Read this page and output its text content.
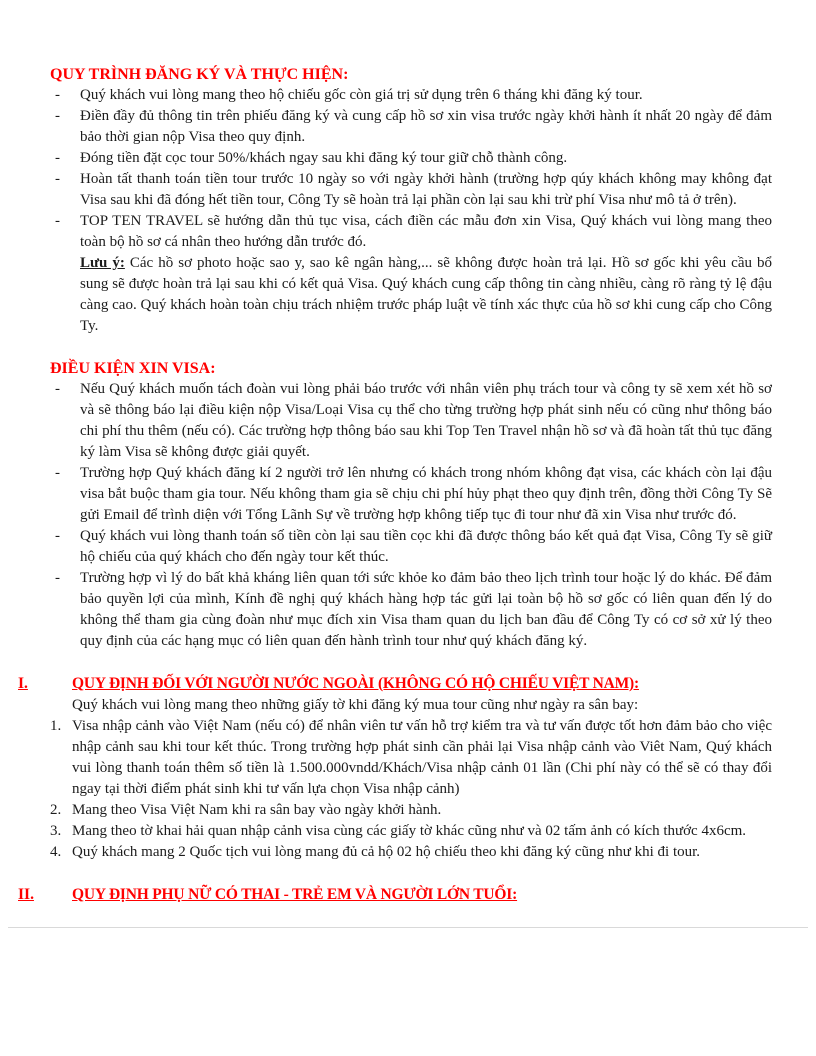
QUY TRÌNH ĐĂNG KÝ VÀ THỰC HIỆN:
- Quý khách vui lòng mang theo hộ chiếu gốc còn giá trị sử dụng trên 6 tháng khi đăng ký tour.
- Điền đầy đủ thông tin trên phiếu đăng ký và cung cấp hồ sơ xin visa trước ngày khởi hành ít nhất 20 ngày để đảm bảo thời gian nộp Visa theo quy định.
- Đóng tiền đặt cọc tour 50%/khách ngay sau khi đăng ký tour giữ chỗ thành công.
- Hoàn tất thanh toán tiền tour trước 10 ngày so với ngày khởi hành (trường hợp qúy khách không may không đạt Visa sau khi đã đóng hết tiền tour, Công Ty sẽ hoàn trả lại phần còn lại sau khi trừ phí Visa như mô tả ở trên).
- TOP TEN TRAVEL sẽ hướng dẫn thủ tục visa, cách điền các mẫu đơn xin Visa, Quý khách vui lòng mang theo toàn bộ hồ sơ cá nhân theo hướng dẫn trước đó.
Lưu ý: Các hồ sơ photo hoặc sao y, sao kê ngân hàng,... sẽ không được hoàn trả lại. Hồ sơ gốc khi yêu cầu bổ sung sẽ được hoàn trả lại sau khi có kết quả Visa. Quý khách cung cấp thông tin càng nhiều, càng rõ ràng tỷ lệ đậu càng cao. Quý khách hoàn toàn chịu trách nhiệm trước pháp luật về tính xác thực của hồ sơ khi cung cấp cho Công Ty.
ĐIỀU KIỆN XIN VISA:
- Nếu Quý khách muốn tách đoàn vui lòng phải báo trước với nhân viên phụ trách tour và công ty sẽ xem xét hồ sơ và sẽ thông báo lại điều kiện nộp Visa/Loại Visa cụ thể cho từng trường hợp phát sinh nếu có cũng như thông báo chi phí thu thêm (nếu có). Các trường hợp thông báo sau khi Top Ten Travel nhận hồ sơ và đã hoàn tất thủ tục đăng ký làm Visa sẽ không được giải quyết.
- Trường hợp Quý khách đăng kí 2 người trở lên nhưng có khách trong nhóm không đạt visa, các khách còn lại đậu visa bắt buộc tham gia tour. Nếu không tham gia sẽ chịu chi phí hủy phạt theo quy định trên, đồng thời Công Ty Sẽ gửi Email để trình diện với Tổng Lãnh Sự về trường hợp không tiếp tục đi tour như đã xin Visa như trước đó.
- Quý khách vui lòng thanh toán số tiền còn lại sau tiền cọc khi đã được thông báo kết quả đạt Visa, Công Ty sẽ giữ hộ chiếu của quý khách cho đến ngày tour kết thúc.
- Trường hợp vì lý do bất khả kháng liên quan tới sức khỏe ko đảm bảo theo lịch trình tour hoặc lý do khác. Để đảm bảo quyền lợi của mình, Kính đề nghị quý khách hàng hợp tác gửi lại toàn bộ hồ sơ gốc có liên quan đến lý do không thể tham gia cùng đoàn như mục đích xin Visa tham quan du lịch ban đầu để Công Ty có cơ sở xử lý theo quy định của các hạng mục có liên quan đến hành trình tour như quý khách đăng ký.
I.	QUY ĐỊNH ĐỐI VỚI NGƯỜI NƯỚC NGOÀI (KHÔNG CÓ HỘ CHIẾU VIỆT NAM):
Quý khách vui lòng mang theo những giấy tờ khi đăng ký mua tour cũng như ngày ra sân bay:
1. Visa nhập cảnh vào Việt Nam (nếu có) để nhân viên tư vấn hỗ trợ kiểm tra và tư vấn được tốt hơn đảm bảo cho việc nhập cảnh sau khi tour kết thúc. Trong trường hợp phát sinh cần phải lại Visa nhập cảnh vào Viêt Nam, Quý khách vui lòng thanh toán thêm số tiền là 1.500.000vndd/Khách/Visa nhập cảnh 01 lần (Chi phí này có thể sẽ có thay đổi ngay tại thời điểm phát sinh khi tư vấn lựa chọn Visa nhập cảnh)
2. Mang theo Visa Việt Nam khi ra sân bay vào ngày khởi hành.
3. Mang theo tờ khai hải quan nhập cảnh visa cùng các giấy tờ khác cũng như và 02 tấm ảnh có kích thước 4x6cm.
4. Quý khách mang 2 Quốc tịch vui lòng mang đủ cả hộ 02 hộ chiếu theo khi đăng ký cũng như khi đi tour.
II. QUY ĐỊNH PHỤ NỮ CÓ THAI - TRẺ EM VÀ NGƯỜI LỚN TUỔI:
